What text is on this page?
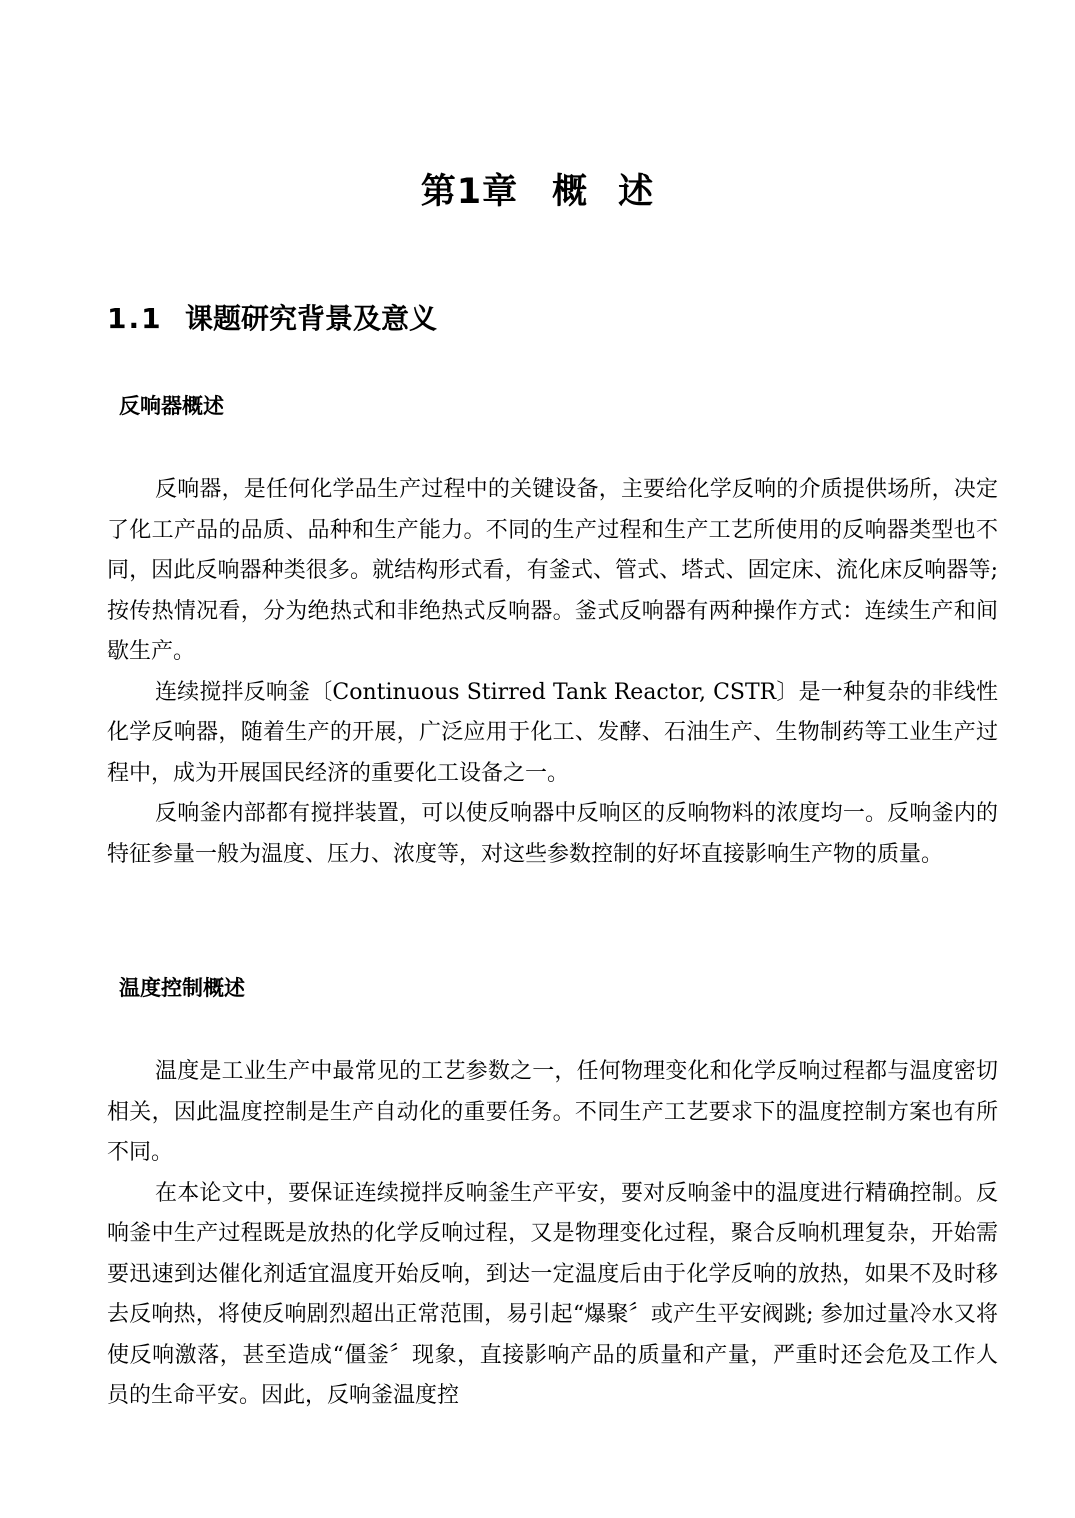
第1章 概 述
1.1 课题研究背景及意义
反响器概述

反响器，是任何化学品生产过程中的关键设备，主要给化学反响的介质提供场所，决定了化工产品的品质、品种和生产能力。不同的生产过程和生产工艺所使用的反响器类型也不同，因此反响器种类很多。就结构形式看，有釜式、管式、塔式、固定床、流化床反响器等; 按传热情况看，分为绝热式和非绝热式反响器。釜式反响器有两种操作方式：连续生产和间歇生产。

连续搅拌反响釜〔Continuous Stirred Tank Reactor, CSTR〕是一种复杂的非线性化学反响器，随着生产的开展，广泛应用于化工、发酵、石油生产、生物制药等工业生产过程中，成为开展国民经济的重要化工设备之一。

反响釜内部都有搅拌装置，可以使反响器中反响区的反响物料的浓度均一。反响釜内的特征参量一般为温度、压力、浓度等，对这些参数控制的好坏直接影响生产物的质量。

温度控制概述

温度是工业生产中最常见的工艺参数之一，任何物理变化和化学反响过程都与温度密切相关，因此温度控制是生产自动化的重要任务。不同生产工艺要求下的温度控制方案也有所不同。

在本论文中，要保证连续搅拌反响釜生产平安，要对反响釜中的温度进行精确控制。反响釜中生产过程既是放热的化学反响过程，又是物理变化过程，聚合反响机理复杂，开始需要迅速到达催化剂适宜温度开始反响，到达一定温度后由于化学反响的放热，如果不及时移去反响热，将使反响剧烈超出正常范围，易引起“爆聚〞或产生平安阀跳; 参加过量冷水又将使反响激落，甚至造成“僵釜〞现象，直接影响产品的质量和产量，严重时还会危及工作人员的生命平安。因此，反响釜温度控
